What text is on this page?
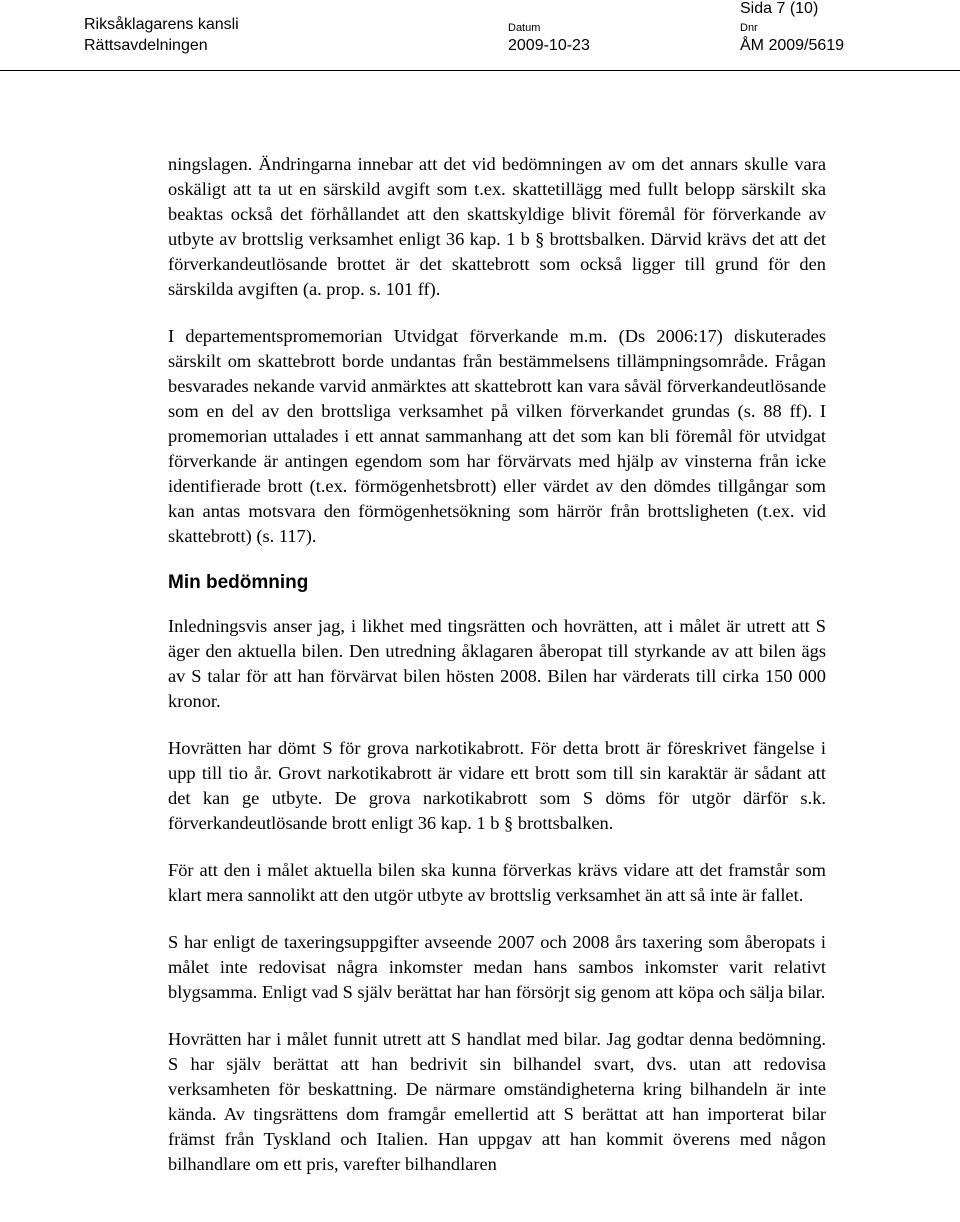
Sida 7 (10)
Riksåklagarens kansli
Rättsavdelningen
Datum
2009-10-23
Dnr
ÅM 2009/5619

ningslagen. Ändringarna innebar att det vid bedömningen av om det annars skulle vara oskäligt att ta ut en särskild avgift som t.ex. skattetillägg med fullt belopp särskilt ska beaktas också det förhållandet att den skattskyldige blivit föremål för förverkande av utbyte av brottslig verksamhet enligt 36 kap. 1 b § brottsbalken. Därvid krävs det att det förverkandeutlösande brottet är det skattebrott som också ligger till grund för den särskilda avgiften (a. prop. s. 101 ff).

I departementspromemorian Utvidgat förverkande m.m. (Ds 2006:17) diskuterades särskilt om skattebrott borde undantas från bestämmelsens tillämpningsområde. Frågan besvarades nekande varvid anmärktes att skattebrott kan vara såväl förverkandeutlösande som en del av den brottsliga verksamhet på vilken förverkandet grundas (s. 88 ff). I promemorian uttalades i ett annat sammanhang att det som kan bli föremål för utvidgat förverkande är antingen egendom som har förvärvats med hjälp av vinsterna från icke identifierade brott (t.ex. förmögenhetsbrott) eller värdet av den dömdes tillgångar som kan antas motsvara den förmögenhetsökning som härrör från brottsligheten (t.ex. vid skattebrott) (s. 117).

Min bedömning

Inledningsvis anser jag, i likhet med tingsrätten och hovrätten, att i målet är utrett att S äger den aktuella bilen. Den utredning åklagaren åberopat till styrkande av att bilen ägs av S talar för att han förvärvat bilen hösten 2008. Bilen har värderats till cirka 150 000 kronor.

Hovrätten har dömt S för grova narkotikabrott. För detta brott är föreskrivet fängelse i upp till tio år. Grovt narkotikabrott är vidare ett brott som till sin karaktär är sådant att det kan ge utbyte. De grova narkotikabrott som S döms för utgör därför s.k. förverkandeutlösande brott enligt 36 kap. 1 b § brottsbalken.

För att den i målet aktuella bilen ska kunna förverkas krävs vidare att det framstår som klart mera sannolikt att den utgör utbyte av brottslig verksamhet än att så inte är fallet.

S har enligt de taxeringsuppgifter avseende 2007 och 2008 års taxering som åberopats i målet inte redovisat några inkomster medan hans sambos inkomster varit relativt blygsamma. Enligt vad S själv berättat har han försörjt sig genom att köpa och sälja bilar.

Hovrätten har i målet funnit utrett att S handlat med bilar. Jag godtar denna bedömning. S har själv berättat att han bedrivit sin bilhandel svart, dvs. utan att redovisa verksamheten för beskattning. De närmare omständigheterna kring bilhandeln är inte kända. Av tingsrättens dom framgår emellertid att S berättat att han importerat bilar främst från Tyskland och Italien. Han uppgav att han kommit överens med någon bilhandlare om ett pris, varefter bilhandlaren
